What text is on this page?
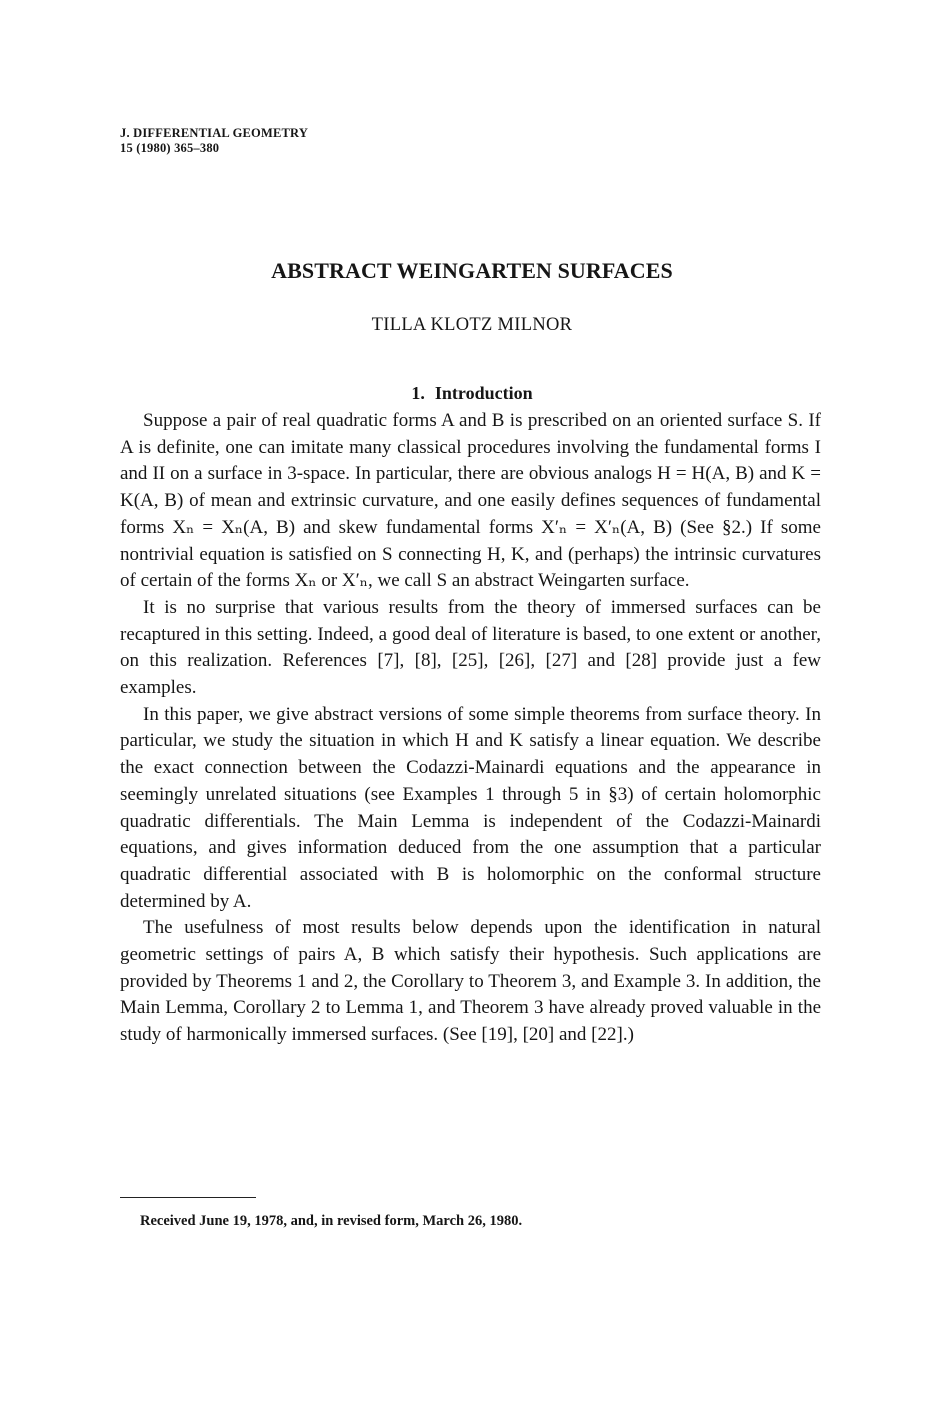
J. DIFFERENTIAL GEOMETRY
15 (1980) 365–380
ABSTRACT WEINGARTEN SURFACES
TILLA KLOTZ MILNOR
1. Introduction

Suppose a pair of real quadratic forms A and B is prescribed on an oriented surface S. If A is definite, one can imitate many classical procedures involving the fundamental forms I and II on a surface in 3-space. In particular, there are obvious analogs H = H(A, B) and K = K(A, B) of mean and extrinsic curvature, and one easily defines sequences of fundamental forms Xₙ = Xₙ(A, B) and skew fundamental forms X′ₙ = X′ₙ(A, B) (See §2.) If some nontrivial equation is satisfied on S connecting H, K, and (perhaps) the intrinsic curvatures of certain of the forms Xₙ or X′ₙ, we call S an abstract Weingarten surface.

It is no surprise that various results from the theory of immersed surfaces can be recaptured in this setting. Indeed, a good deal of literature is based, to one extent or another, on this realization. References [7], [8], [25], [26], [27] and [28] provide just a few examples.

In this paper, we give abstract versions of some simple theorems from surface theory. In particular, we study the situation in which H and K satisfy a linear equation. We describe the exact connection between the Codazzi-Mainardi equations and the appearance in seemingly unrelated situations (see Examples 1 through 5 in §3) of certain holomorphic quadratic differentials. The Main Lemma is independent of the Codazzi-Mainardi equations, and gives information deduced from the one assumption that a particular quadratic differential associated with B is holomorphic on the conformal structure determined by A.

The usefulness of most results below depends upon the identification in natural geometric settings of pairs A, B which satisfy their hypothesis. Such applications are provided by Theorems 1 and 2, the Corollary to Theorem 3, and Example 3. In addition, the Main Lemma, Corollary 2 to Lemma 1, and Theorem 3 have already proved valuable in the study of harmonically immersed surfaces. (See [19], [20] and [22].)

Received June 19, 1978, and, in revised form, March 26, 1980.
